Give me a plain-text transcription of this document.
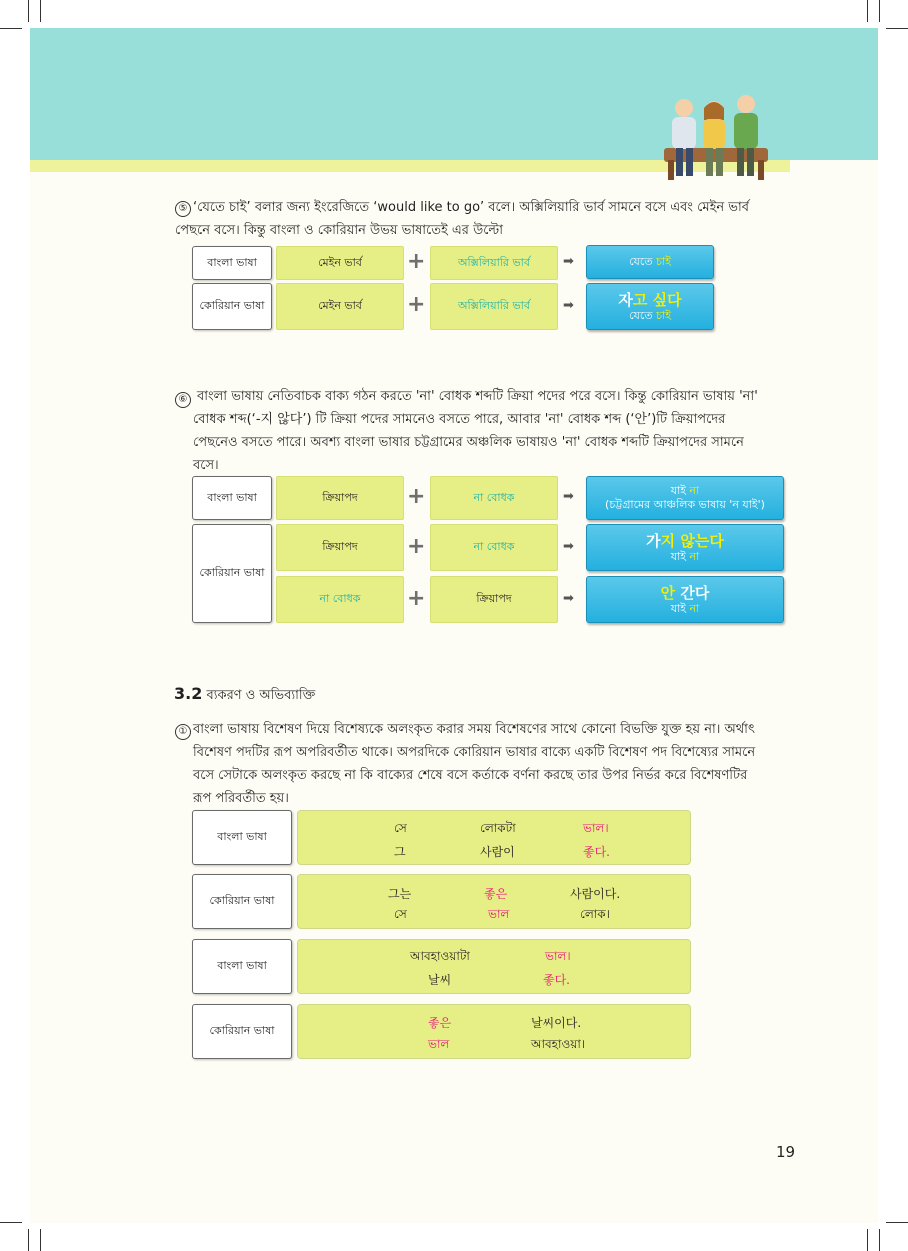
⑤ ‘যেতে চাই’ বলার জন্য ইংরেজিতে ‘would like to go’ বলে। অক্সিলিয়ারি ভার্ব সামনে বসে এবং মেইন ভার্ব
পেছনে বসে। কিন্তু বাংলা ও কোরিয়ান উভয় ভাষাতেই এর উল্টো
বাংলা ভাষা	মেইন ভার্ব	+	অক্সিলিয়ারি ভার্ব	➡	যেতে চাই
কোরিয়ান ভাষা	মেইন ভার্ব	+	অক্সিলিয়ারি ভার্ব	➡	자고 싶다
যেতে চাই
⑥ বাংলা ভাষায় নেতিবাচক বাক্য গঠন করতে 'না' বোধক শব্দটি ক্রিয়া পদের পরে বসে। কিন্তু কোরিয়ান ভাষায় 'না'
বোধক শব্দ(‘-지 않다’) টি ক্রিয়া পদের সামনেও বসতে পারে, আবার 'না' বোধক শব্দ (‘안’)টি ক্রিয়াপদের
পেছনেও বসতে পারে। অবশ্য বাংলা ভাষার চট্টগ্রামের অঞ্চলিক ভাষায়ও 'না' বোধক শব্দটি ক্রিয়াপদের সামনে
বসে।
বাংলা ভাষা	ক্রিয়াপদ	+	না বোধক	➡	যাই না
(চট্টগ্রামের আঞ্চলিক ভাষায় 'ন যাই')
কোরিয়ান ভাষা
ক্রিয়াপদ	+	না বোধক	➡	가지 않는다
যাই না
না বোধক	+	ক্রিয়াপদ	➡	안 간다
যাই না
3.2 ব্যকরণ ও অভিব্যাক্তি
① বাংলা ভাষায় বিশেষণ দিয়ে বিশেষ্যকে অলংকৃত করার সময় বিশেষণের সাথে কোনো বিভক্তি যুক্ত হয় না। অর্থাৎ
বিশেষণ পদটির রূপ অপরিবর্তীত থাকে। অপরদিকে কোরিয়ান ভাষার বাক্যে একটি বিশেষণ পদ বিশেষ্যের সামনে
বসে সেটাকে অলংকৃত করছে না কি বাক্যের শেষে বসে কর্তাকে বর্ণনা করছে তার উপর নির্ভর করে বিশেষণটির
রূপ পরিবর্তীত হয়।
বাংলা ভাষা
সে	লোকটা	ভাল।
그	사람이	좋다.
কোরিয়ান ভাষা	그는	좋은	사람이다.
সে	ভাল	লোক।
বাংলা ভাষা
আবহাওয়াটা	ভাল।
날씨	좋다.
কোরিয়ান ভাষা
좋은	날씨이다.
ভাল	আবহাওয়া।
19
